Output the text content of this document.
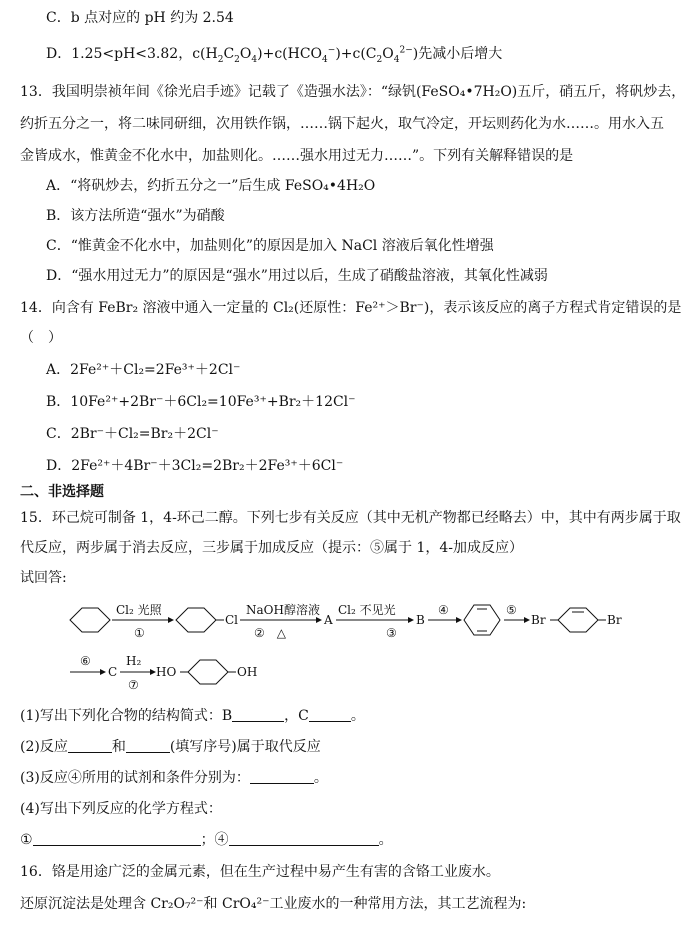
C．b 点对应的 pH 约为 2.54
D．1.25<pH<3.82，$c(H_2C_2O_4)+c(HCO_4^-)+c(C_2O_4^{2-})$先减小后增大
13．我国明崇祯年间《徐光启手迹》记载了《造强水法》：“绿钒(FeSO₄•7H₂O)五斤，硝五斤，将矾炒去，
约折五分之一，将二味同研细，次用铁作锅，……锅下起火，取气冷定，开坛则药化为水……。用水入五
金皆成水，惟黄金不化水中，加盐则化。……强水用过无力……”。下列有关解释错误的是
A．“将矾炒去，约折五分之一”后生成 FeSO₄•4H₂O
B．该方法所造“强水”为硝酸
C．“惟黄金不化水中，加盐则化”的原因是加入 NaCl 溶液后氧化性增强
D．“强水用过无力”的原因是“强水”用过以后，生成了硝酸盐溶液，其氧化性减弱
14．向含有 FeBr₂ 溶液中通入一定量的 Cl₂(还原性：Fe²⁺＞Br⁻)，表示该反应的离子方程式肯定错误的是
（　）
A．2Fe²⁺＋Cl₂=2Fe³⁺＋2Cl⁻
B．10Fe²⁺+2Br⁻＋6Cl₂=10Fe³⁺+Br₂＋12Cl⁻
C．2Br⁻＋Cl₂=Br₂＋2Cl⁻
D．2Fe²⁺＋4Br⁻＋3Cl₂=2Br₂＋2Fe³⁺＋6Cl⁻
二、非选择题
15．环己烷可制备 1，4-环己二醇。下列七步有关反应（其中无机产物都已经略去）中，其中有两步属于取
代反应，两步属于消去反应，三步属于加成反应（提示：⑤属于 1，4-加成反应）
试回答:
Cl₂ 光照
①
Cl
NaOH醇溶液
②　△
A
Cl₂ 不见光
③
B
④	⑤
Br	Br
⑥
C
H₂
⑦
HO	OH
(1)写出下列化合物的结构简式：B	，C	。
(2)反应	和	(填写序号)属于取代反应
(3)反应④所用的试剂和条件分别为：	。
(4)写出下列反应的化学方程式：
①	；④	。
16．铬是用途广泛的金属元素，但在生产过程中易产生有害的含铬工业废水。
还原沉淀法是处理含 Cr₂O₇²⁻和 CrO₄²⁻工业废水的一种常用方法，其工艺流程为:
